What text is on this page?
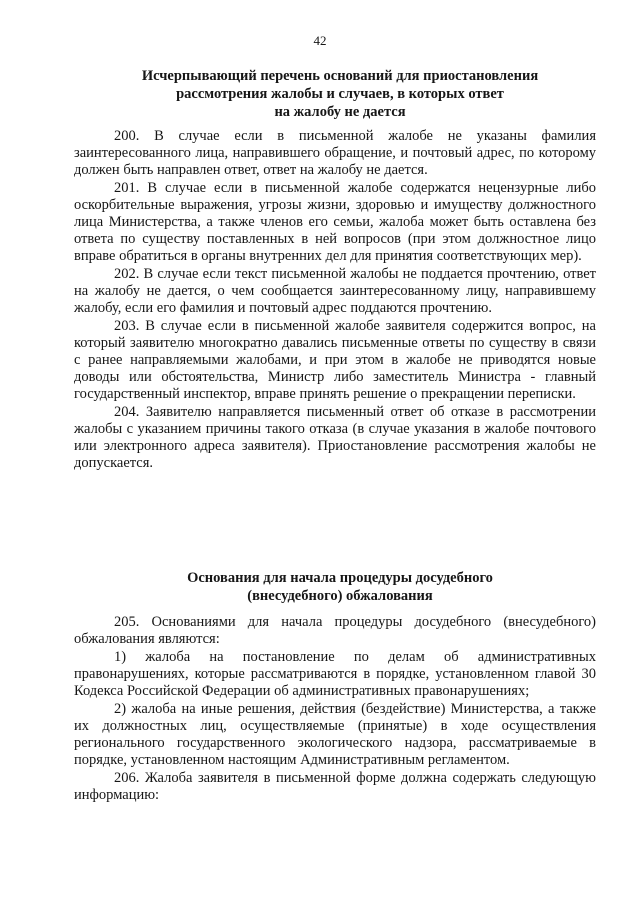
42
Исчерпывающий перечень оснований для приостановления
рассмотрения жалобы и случаев, в которых ответ
на жалобу не дается

200. В случае если в письменной жалобе не указаны фамилия заинтересованного лица, направившего обращение, и почтовый адрес, по которому должен быть направлен ответ, ответ на жалобу не дается.

201. В случае если в письменной жалобе содержатся нецензурные либо оскорбительные выражения, угрозы жизни, здоровью и имуществу должностного лица Министерства, а также членов его семьи, жалоба может быть оставлена без ответа по существу поставленных в ней вопросов (при этом должностное лицо вправе обратиться в органы внутренних дел для принятия соответствующих мер).

202. В случае если текст письменной жалобы не поддается прочтению, ответ на жалобу не дается, о чем сообщается заинтересованному лицу, направившему жалобу, если его фамилия и почтовый адрес поддаются прочтению.

203. В случае если в письменной жалобе заявителя содержится вопрос, на который заявителю многократно давались письменные ответы по существу в связи с ранее направляемыми жалобами, и при этом в жалобе не приводятся новые доводы или обстоятельства, Министр либо заместитель Министра - главный государственный инспектор, вправе принять решение о прекращении переписки.

204. Заявителю направляется письменный ответ об отказе в рассмотрении жалобы с указанием причины такого отказа (в случае указания в жалобе почтового или электронного адреса заявителя). Приостановление рассмотрения жалобы не допускается.

Основания для начала процедуры досудебного
(внесудебного) обжалования

205. Основаниями для начала процедуры досудебного (внесудебного) обжалования являются:

1) жалоба на постановление по делам об административных правонарушениях, которые рассматриваются в порядке, установленном главой 30 Кодекса Российской Федерации об административных правонарушениях;

2) жалоба на иные решения, действия (бездействие) Министерства, а также их должностных лиц, осуществляемые (принятые) в ходе осуществления регионального государственного экологического надзора, рассматриваемые в порядке, установленном настоящим Административным регламентом.

206. Жалоба заявителя в письменной форме должна содержать следующую информацию:
